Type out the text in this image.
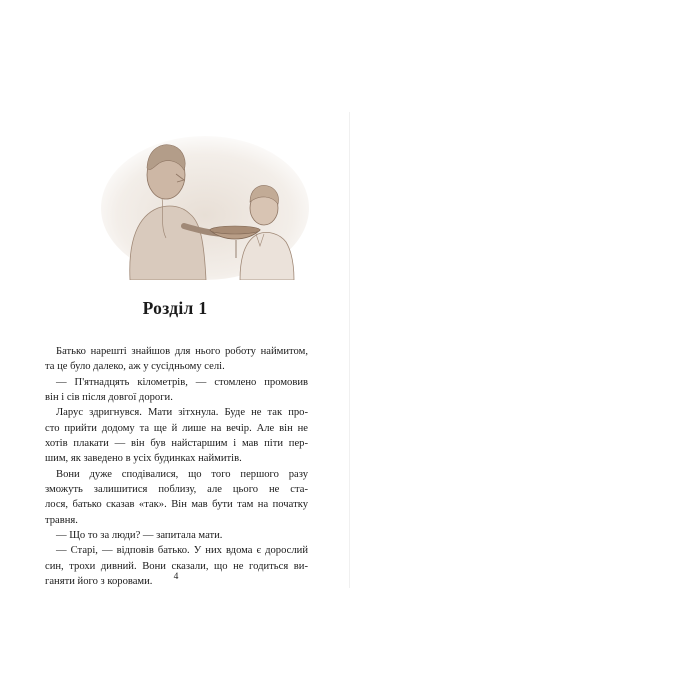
Розділ 1

Батько нарешті знайшов для нього роботу наймитом,

та це було далеко, аж у сусідньому селі.

— П'ятнадцять кілометрів, — стомлено промовив

він і сів після довгої дороги.

Ларус здригнувся. Мати зітхнула. Буде не так про-

сто прийти додому та ще й лише на вечір. Але він не

хотів плакати — він був найстаршим і мав піти пер-

шим, як заведено в усіх будинках наймитів.

Вони дуже сподівалися, що того першого разу

зможуть залишитися поблизу, але цього не ста-

лося, батько сказав «так». Він мав бути там на початку

травня.

— Що то за люди? — запитала мати.

— Старі, — відповів батько. У них вдома є дорослий

син, трохи дивний. Вони сказали, що не годиться ви-

ганяти його з коровами.	4
